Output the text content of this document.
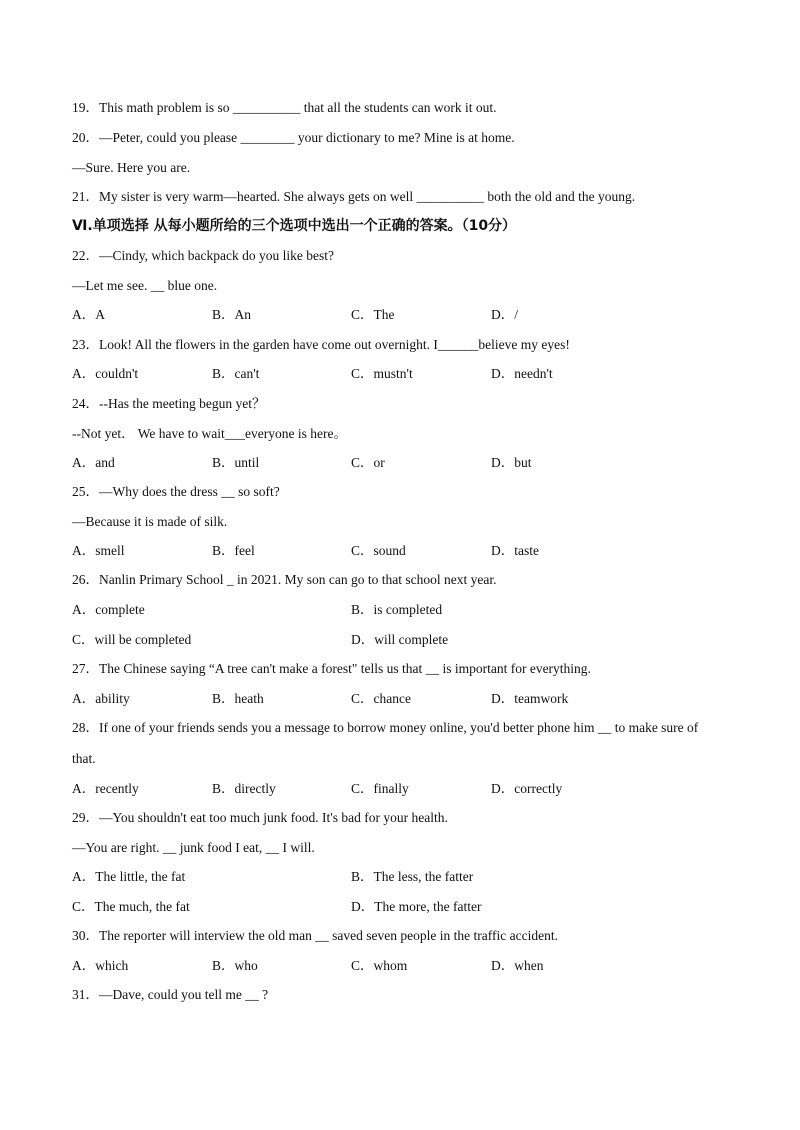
Ⅵ.单项选择 从每小题所给的三个选项中选出一个正确的答案。（10分）
19．This math problem is so __________ that all the students can work it out.
20．—Peter, could you please ________ your dictionary to me? Mine is at home.
—Sure. Here you are.
21．My sister is very warm—hearted. She always gets on well __________ both the old and the young.
22．—Cindy, which backpack do you like best?
—Let me see. __ blue one.
23．Look! All the flowers in the garden have come out overnight. I______believe my eyes!
24．--Has the meeting begun yet？
--Not yet． We have to wait___everyone is here。
25．—Why does the dress __ so soft?
—Because it is made of silk.
26．Nanlin Primary School _ in 2021. My son can go to that school next year.
27．The Chinese saying “A tree can't make a forest" tells us that __ is important for everything.
28．If one of your friends sends you a message to borrow money online, you'd better phone him __ to make sure of
that.
29．—You shouldn't eat too much junk food. It's bad for your health.
—You are right. __ junk food I eat, __ I will.
30．The reporter will interview the old man __ saved seven people in the traffic accident.
31．—Dave, could you tell me __ ?
A．A	B．An	C．The	D．/
A．couldn't	B．can't	C．mustn't	D．needn't
A．and	B．until	C．or	D．but
A．smell	B．feel	C．sound	D．taste
A．complete	B．is completed
C．will be completed	D．will complete
A．ability	B．heath	C．chance	D．teamwork
A．recently	B．directly	C．finally	D．correctly
A．The little, the fat	B．The less, the fatter
C．The much, the fat	D．The more, the fatter
A．which	B．who	C．whom	D．when
